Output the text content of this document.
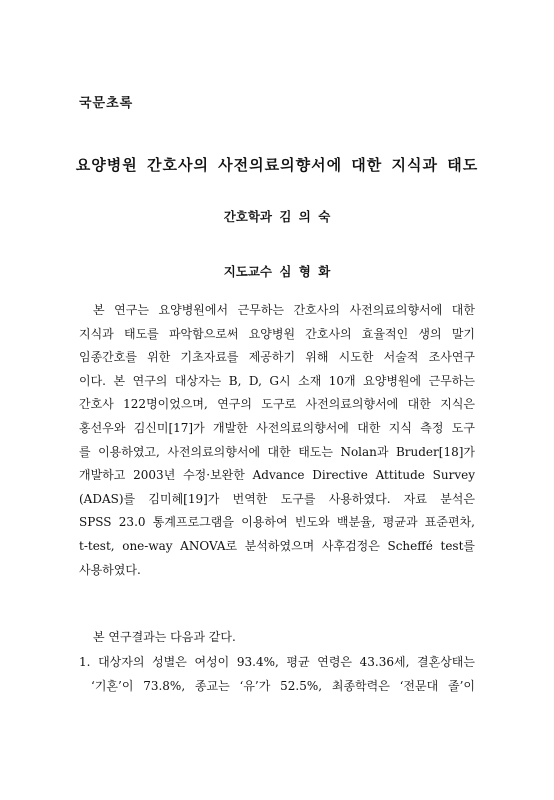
국문초록
요양병원 간호사의 사전의료의향서에 대한 지식과 태도
간호학과 김 의 숙
지도교수 심 형 화
본 연구는 요양병원에서 근무하는 간호사의 사전의료의향서에 대한
지식과 태도를 파악함으로써 요양병원 간호사의 효율적인 생의 말기
임종간호를 위한 기초자료를 제공하기 위해 시도한 서술적 조사연구
이다. 본 연구의 대상자는 B, D, G시 소재 10개 요양병원에 근무하는
간호사 122명이었으며, 연구의 도구로 사전의료의향서에 대한 지식은
홍선우와 김신미[17]가 개발한 사전의료의향서에 대한 지식 측정 도구
를 이용하였고, 사전의료의향서에 대한 태도는 Nolan과 Bruder[18]가
개발하고 2003년 수정·보완한 Advance Directive Attitude Survey
(ADAS)를 김미혜[19]가 번역한 도구를 사용하였다. 자료 분석은
SPSS 23.0 통계프로그램을 이용하여 빈도와 백분율, 평균과 표준편차,
t-test, one-way ANOVA로 분석하였으며 사후검정은 Scheffé test를
사용하였다.
본 연구결과는 다음과 같다.
1. 대상자의 성별은 여성이 93.4%, 평균 연령은 43.36세, 결혼상태는
‘기혼’이 73.8%, 종교는 ‘유’가 52.5%, 최종학력은 ‘전문대 졸’이
